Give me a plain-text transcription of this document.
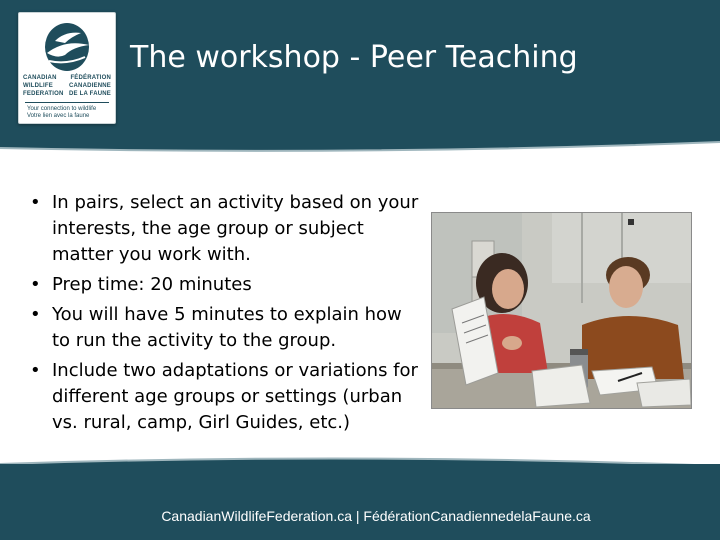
CANADIAN FÉDÉRATION
WILDLIFE	CANADIENNE
FEDERATION DE LA FAUNE
Your connection to wildlife
Votre lien avec la faune
The workshop - Peer Teaching
• In pairs, select an activity based on your interests, the age group or subject matter you work with.
• Prep time: 20 minutes
• You will have 5 minutes to explain how to run the activity to the group.
• Include two adaptations or variations for different age groups or settings (urban vs. rural, camp, Girl Guides, etc.)
CanadianWildlifeFederation.ca | FédérationCanadiennedelaFaune.ca
